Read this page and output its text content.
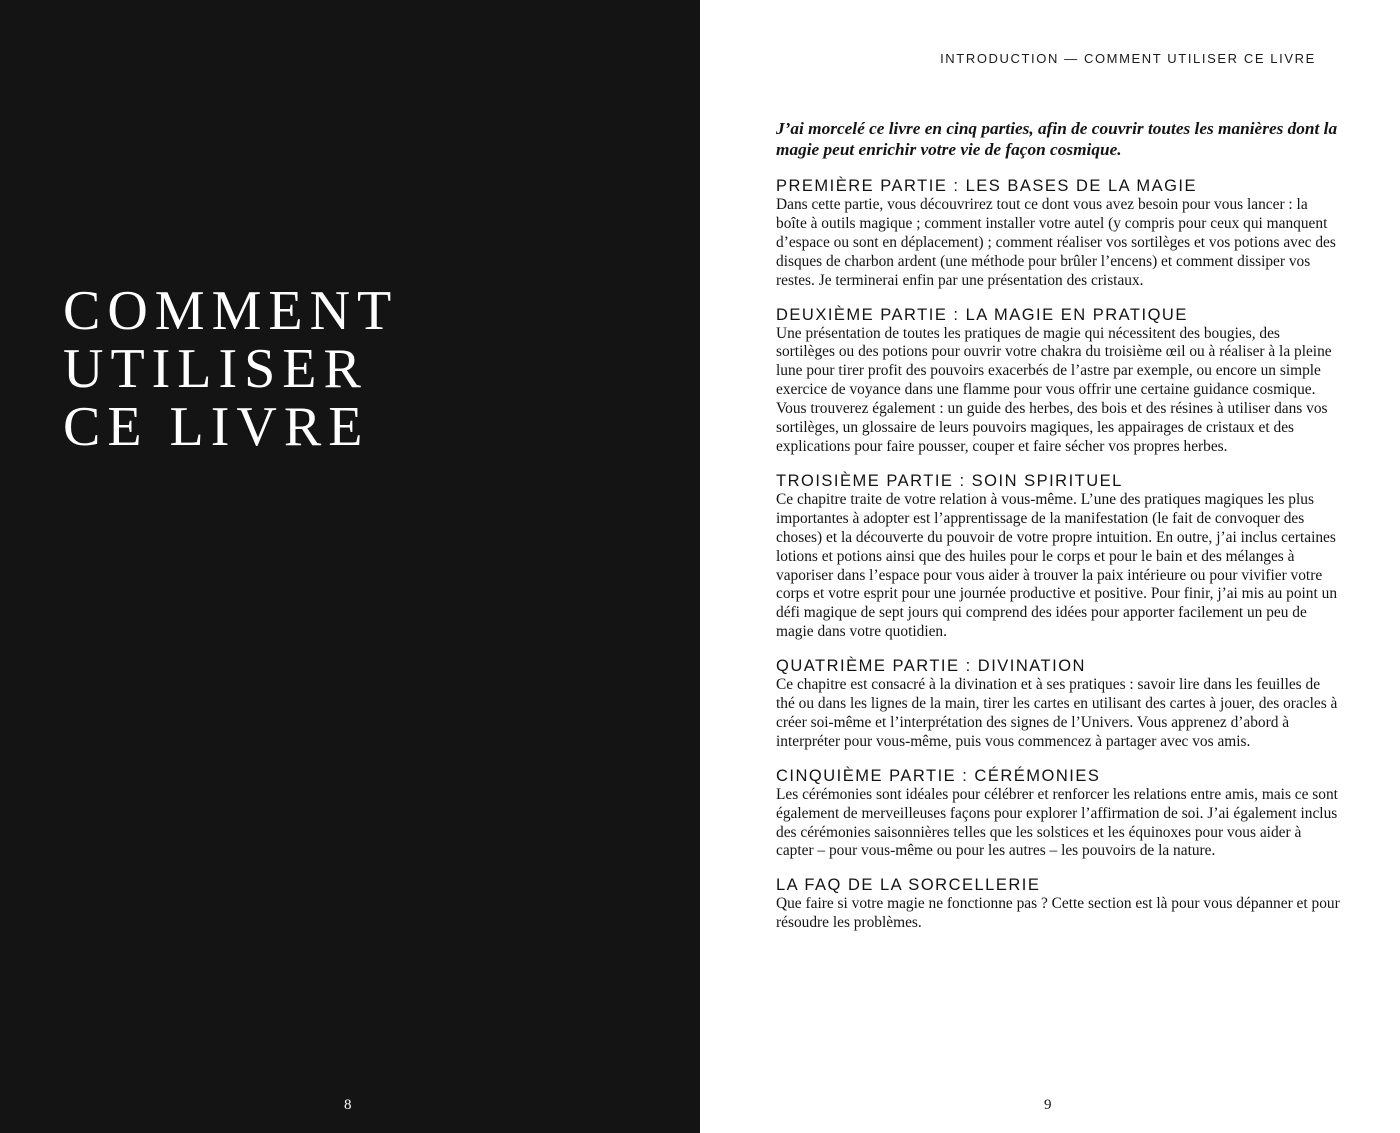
COMMENT
UTILISER
CE LIVRE
8
INTRODUCTION — COMMENT UTILISER CE LIVRE

J’ai morcelé ce livre en cinq parties, afin de couvrir toutes les manières dont la magie peut enrichir votre vie de façon cosmique.

PREMIÈRE PARTIE : LES BASES DE LA MAGIE

Dans cette partie, vous découvrirez tout ce dont vous avez besoin pour vous lancer : la boîte à outils magique ; comment installer votre autel (y compris pour ceux qui manquent d’espace ou sont en déplacement) ; comment réaliser vos sortilèges et vos potions avec des disques de charbon ardent (une méthode pour brûler l’encens) et comment dissiper vos restes. Je terminerai enfin par une présentation des cristaux.

DEUXIÈME PARTIE : LA MAGIE EN PRATIQUE

Une présentation de toutes les pratiques de magie qui nécessitent des bougies, des sortilèges ou des potions pour ouvrir votre chakra du troisième œil ou à réaliser à la pleine lune pour tirer profit des pouvoirs exacerbés de l’astre par exemple, ou encore un simple exercice de voyance dans une flamme pour vous offrir une certaine guidance cosmique. Vous trouverez également : un guide des herbes, des bois et des résines à utiliser dans vos sortilèges, un glossaire de leurs pouvoirs magiques, les appairages de cristaux et des explications pour faire pousser, couper et faire sécher vos propres herbes.

TROISIÈME PARTIE : SOIN SPIRITUEL

Ce chapitre traite de votre relation à vous-même. L’une des pratiques magiques les plus importantes à adopter est l’apprentissage de la manifestation (le fait de convoquer des choses) et la découverte du pouvoir de votre propre intuition. En outre, j’ai inclus certaines lotions et potions ainsi que des huiles pour le corps et pour le bain et des mélanges à vaporiser dans l’espace pour vous aider à trouver la paix intérieure ou pour vivifier votre corps et votre esprit pour une journée productive et positive. Pour finir, j’ai mis au point un défi magique de sept jours qui comprend des idées pour apporter facilement un peu de magie dans votre quotidien.

QUATRIÈME PARTIE : DIVINATION

Ce chapitre est consacré à la divination et à ses pratiques : savoir lire dans les feuilles de thé ou dans les lignes de la main, tirer les cartes en utilisant des cartes à jouer, des oracles à créer soi-même et l’interprétation des signes de l’Univers. Vous apprenez d’abord à interpréter pour vous-même, puis vous commencez à partager avec vos amis.

CINQUIÈME PARTIE : CÉRÉMONIES

Les cérémonies sont idéales pour célébrer et renforcer les relations entre amis, mais ce sont également de merveilleuses façons pour explorer l’affirmation de soi. J’ai également inclus des cérémonies saisonnières telles que les solstices et les équinoxes pour vous aider à capter – pour vous-même ou pour les autres – les pouvoirs de la nature.

LA FAQ DE LA SORCELLERIE

Que faire si votre magie ne fonctionne pas ? Cette section est là pour vous dépanner et pour résoudre les problèmes.

9
